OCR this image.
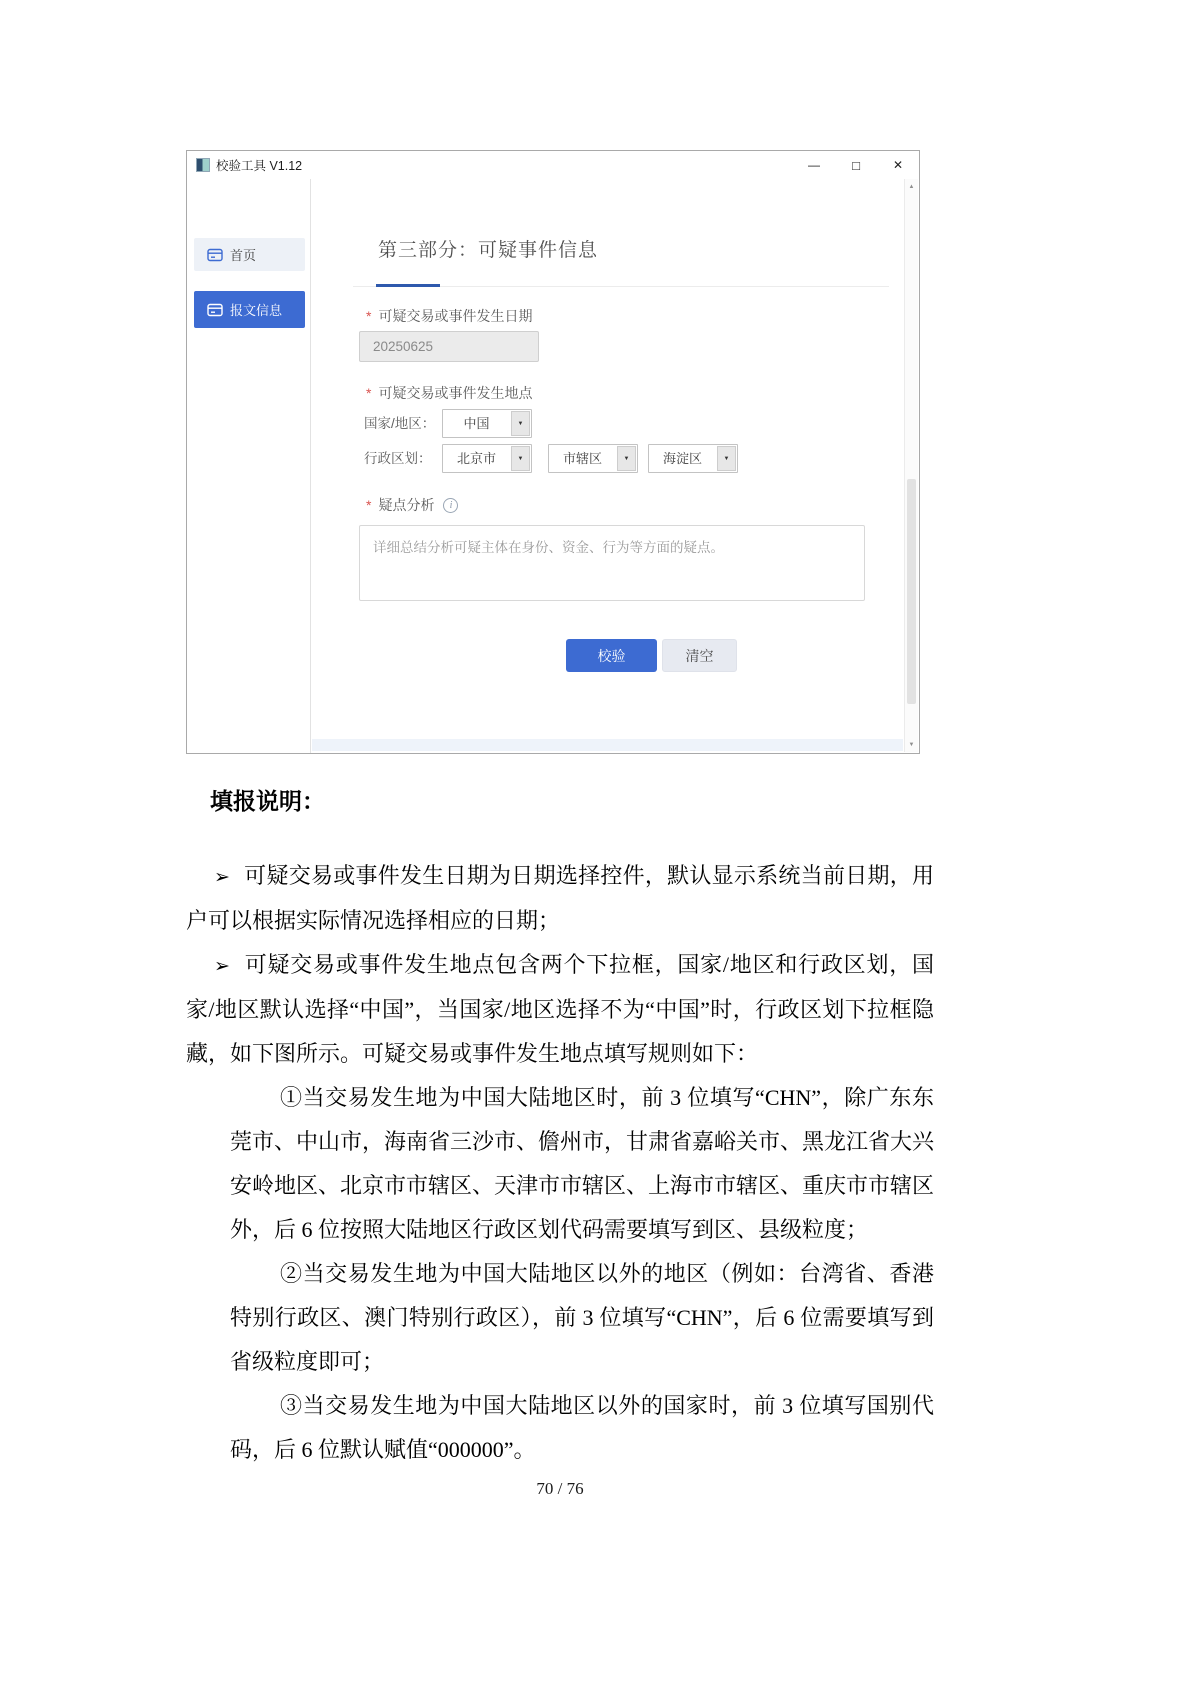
校验工具 V1.12	—	□	✕
首页
报文信息
第三部分：可疑事件信息
* 可疑交易或事件发生日期
20250625
* 可疑交易或事件发生地点
国家/地区：	中国	▼
行政区划：	北京市	▼	市辖区	▼	海淀区	▼
* 疑点分析	i
详细总结分析可疑主体在身份、资金、行为等方面的疑点。
校验	清空
▲
▼
填报说明：

➢ 可疑交易或事件发生日期为日期选择控件，默认显示系统当前日期，用户可以根据实际情况选择相应的日期；

➢ 可疑交易或事件发生地点包含两个下拉框，国家/地区和行政区划，国家/地区默认选择“中国”，当国家/地区选择不为“中国”时，行政区划下拉框隐藏，如下图所示。可疑交易或事件发生地点填写规则如下：

①当交易发生地为中国大陆地区时，前 3 位填写“CHN”，除广东东莞市、中山市，海南省三沙市、儋州市，甘肃省嘉峪关市、黑龙江省大兴安岭地区、北京市市辖区、天津市市辖区、上海市市辖区、重庆市市辖区外，后 6 位按照大陆地区行政区划代码需要填写到区、县级粒度；

②当交易发生地为中国大陆地区以外的地区（例如：台湾省、香港特别行政区、澳门特别行政区），前 3 位填写“CHN”，后 6 位需要填写到省级粒度即可；

③当交易发生地为中国大陆地区以外的国家时，前 3 位填写国别代码，后 6 位默认赋值“000000”。

70 / 76
